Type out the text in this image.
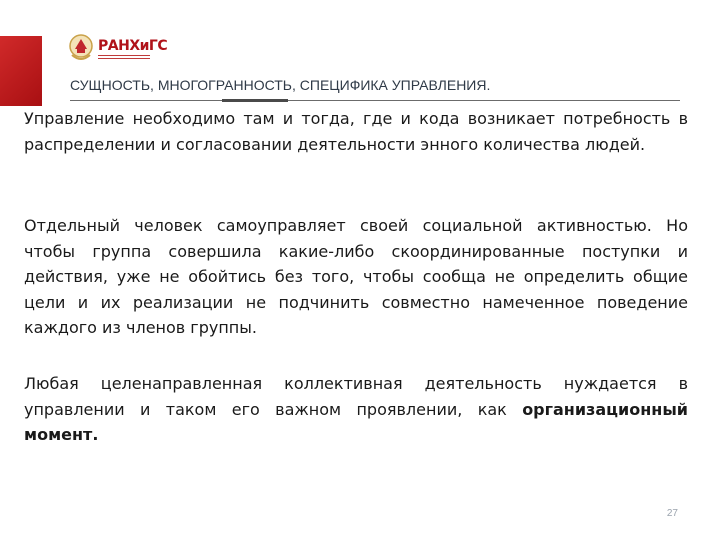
РАНХиГС
СУЩНОСТЬ, МНОГОГРАННОСТЬ, СПЕЦИФИКА УПРАВЛЕНИЯ.

Управление необходимо там и тогда, где и кода возникает потребность в распределении и согласовании деятельности энного количества людей.

Отдельный человек самоуправляет своей социальной активностью. Но чтобы группа совершила какие-либо скоординированные поступки и действия, уже не обойтись без того, чтобы сообща не определить общие цели и их реализации не подчинить совместно намеченное поведение каждого из членов группы.

Любая целенаправленная коллективная деятельность нуждается в управлении и таком его важном проявлении, как организационный момент.

27
